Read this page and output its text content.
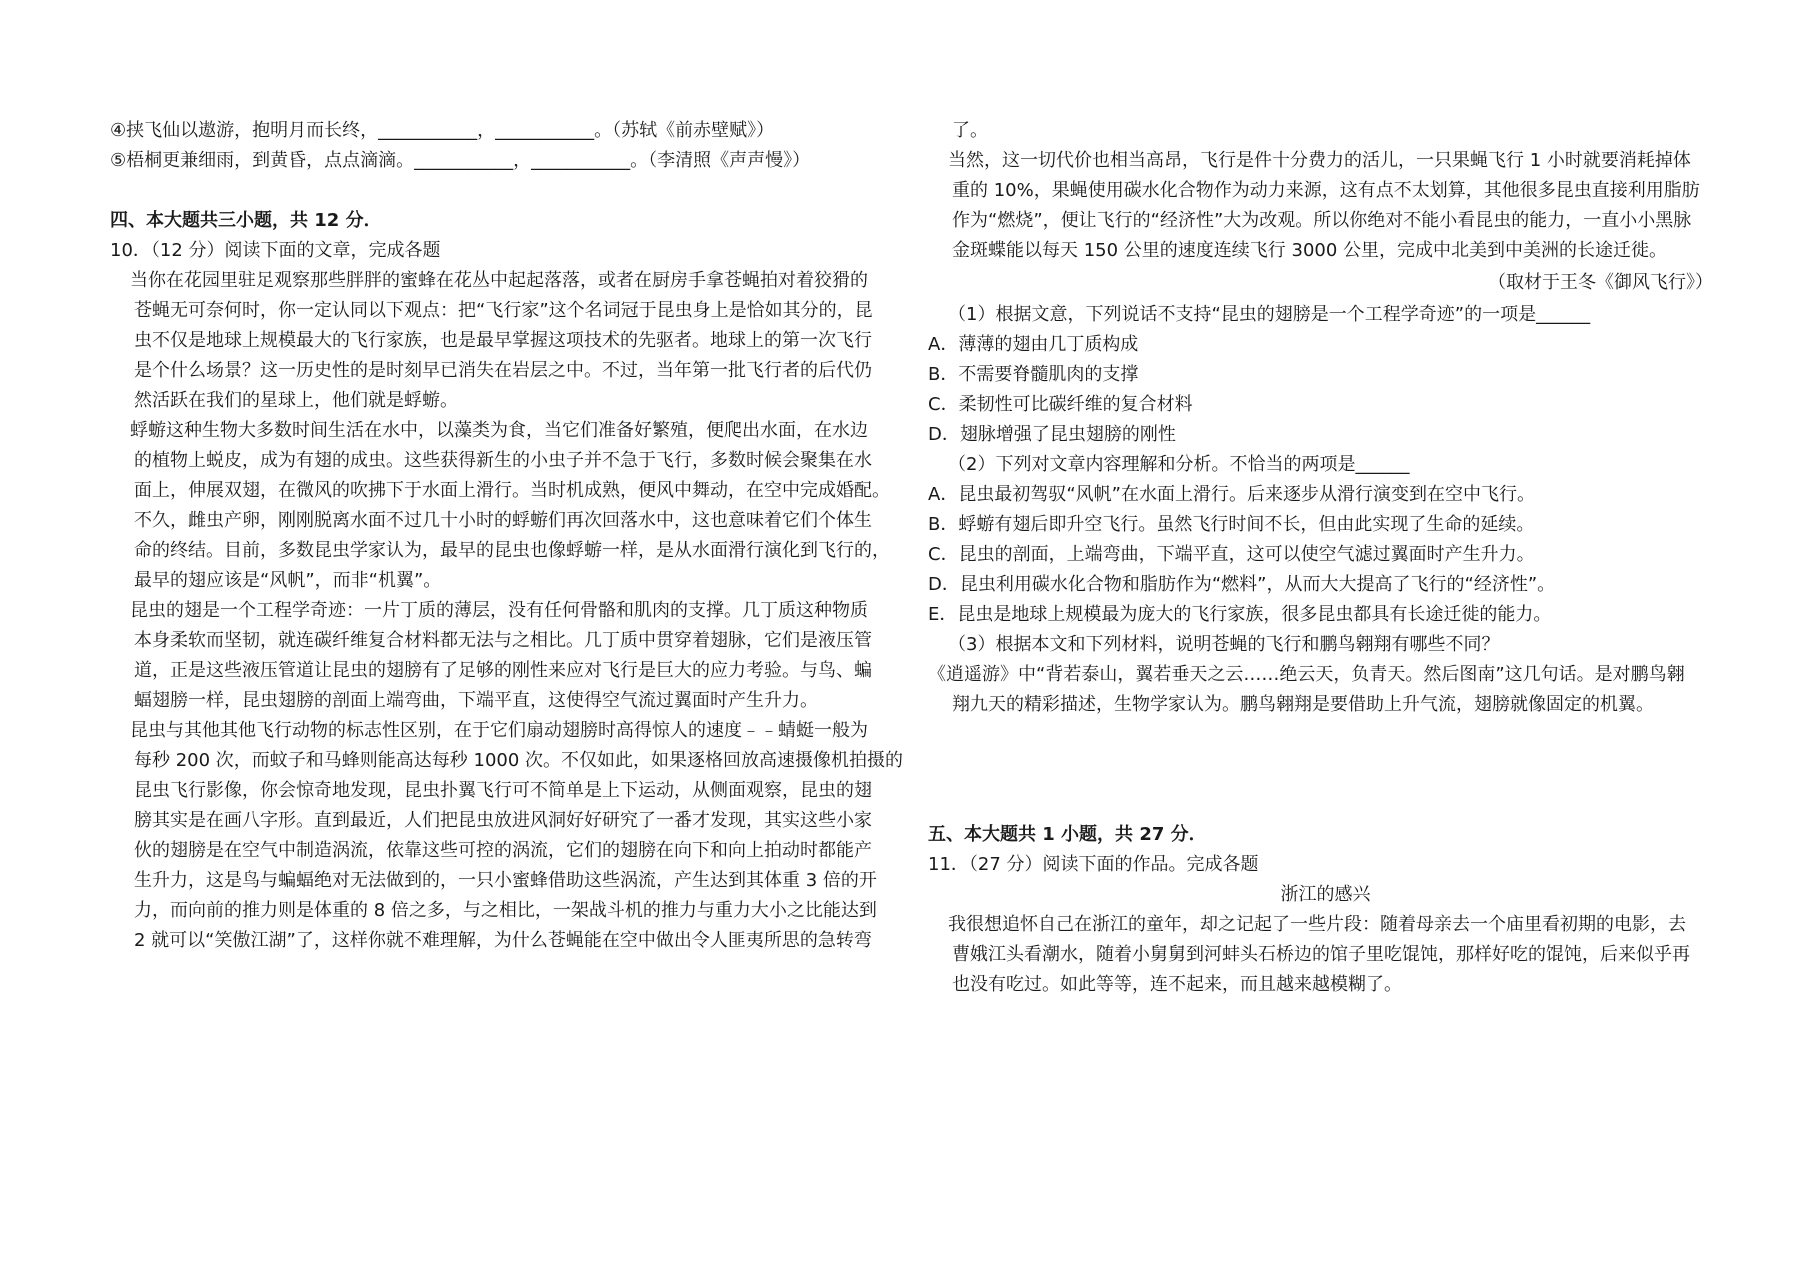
④挟飞仙以遨游，抱明月而长终，___________，___________。（苏轼《前赤壁赋》）
⑤梧桐更兼细雨，到黄昏，点点滴滴。___________，___________。（李清照《声声慢》）
四、本大题共三小题，共 12 分．
10．（12 分）阅读下面的文章，完成各题
当你在花园里驻足观察那些胖胖的蜜蜂在花丛中起起落落，或者在厨房手拿苍蝇拍对着狡猾的
苍蝇无可奈何时，你一定认同以下观点：把“飞行家”这个名词冠于昆虫身上是恰如其分的，昆
虫不仅是地球上规模最大的飞行家族，也是最早掌握这项技术的先驱者。地球上的第一次飞行
是个什么场景？这一历史性的是时刻早已消失在岩层之中。不过，当年第一批飞行者的后代仍
然活跃在我们的星球上，他们就是蜉蝣。
蜉蝣这种生物大多数时间生活在水中，以藻类为食，当它们准备好繁殖，便爬出水面，在水边
的植物上蜕皮，成为有翅的成虫。这些获得新生的小虫子并不急于飞行，多数时候会聚集在水
面上，伸展双翅，在微风的吹拂下于水面上滑行。当时机成熟，便风中舞动，在空中完成婚配。
不久，雌虫产卵，刚刚脱离水面不过几十小时的蜉蝣们再次回落水中，这也意味着它们个体生
命的终结。目前，多数昆虫学家认为，最早的昆虫也像蜉蝣一样，是从水面滑行演化到飞行的，
最早的翅应该是“风帆”，而非“机翼”。
昆虫的翅是一个工程学奇迹：一片丁质的薄层，没有任何骨骼和肌肉的支撑。几丁质这种物质
本身柔软而坚韧，就连碳纤维复合材料都无法与之相比。几丁质中贯穿着翅脉，它们是液压管
道，正是这些液压管道让昆虫的翅膀有了足够的刚性来应对飞行是巨大的应力考验。与鸟、蝙
蝠翅膀一样，昆虫翅膀的剖面上端弯曲，下端平直，这使得空气流过翼面时产生升力。
昆虫与其他其他飞行动物的标志性区别，在于它们扇动翅膀时高得惊人的速度﹣﹣蜻蜓一般为
每秒 200 次，而蚊子和马蜂则能高达每秒 1000 次。不仅如此，如果逐格回放高速摄像机拍摄的
昆虫飞行影像，你会惊奇地发现，昆虫扑翼飞行可不简单是上下运动，从侧面观察，昆虫的翅
膀其实是在画八字形。直到最近，人们把昆虫放进风洞好好研究了一番才发现，其实这些小家
伙的翅膀是在空气中制造涡流，依靠这些可控的涡流，它们的翅膀在向下和向上拍动时都能产
生升力，这是鸟与蝙蝠绝对无法做到的，一只小蜜蜂借助这些涡流，产生达到其体重 3 倍的开
力，而向前的推力则是体重的 8 倍之多，与之相比，一架战斗机的推力与重力大小之比能达到
2 就可以“笑傲江湖”了，这样你就不难理解，为什么苍蝇能在空中做出令人匪夷所思的急转弯
了。
当然，这一切代价也相当高昂，飞行是件十分费力的活儿，一只果蝇飞行 1 小时就要消耗掉体
重的 10%，果蝇使用碳水化合物作为动力来源，这有点不太划算，其他很多昆虫直接利用脂肪
作为“燃烧”，便让飞行的“经济性”大为改观。所以你绝对不能小看昆虫的能力，一直小小黑脉
金斑蝶能以每天 150 公里的速度连续飞行 3000 公里，完成中北美到中美洲的长途迁徙。
（取材于王冬《御风飞行》）
（1）根据文意，下列说话不支持“昆虫的翅膀是一个工程学奇迹”的一项是______
A．薄薄的翅由几丁质构成
B．不需要脊髓肌肉的支撑
C．柔韧性可比碳纤维的复合材料
D．翅脉增强了昆虫翅膀的刚性
（2）下列对文章内容理解和分析。不恰当的两项是______
A．昆虫最初驾驭“风帆”在水面上滑行。后来逐步从滑行演变到在空中飞行。
B．蜉蝣有翅后即升空飞行。虽然飞行时间不长，但由此实现了生命的延续。
C．昆虫的剖面，上端弯曲，下端平直，这可以使空气滤过翼面时产生升力。
D．昆虫利用碳水化合物和脂肪作为“燃料”，从而大大提高了飞行的“经济性”。
E．昆虫是地球上规模最为庞大的飞行家族，很多昆虫都具有长途迁徙的能力。
（3）根据本文和下列材料，说明苍蝇的飞行和鹏鸟翱翔有哪些不同？
《逍遥游》中“背若泰山，翼若垂天之云……绝云天，负青天。然后图南”这几句话。是对鹏鸟翱
翔九天的精彩描述，生物学家认为。鹏鸟翱翔是要借助上升气流，翅膀就像固定的机翼。
五、本大题共 1 小题，共 27 分．
11．（27 分）阅读下面的作品。完成各题
浙江的感兴
我很想追怀自己在浙江的童年，却之记起了一些片段：随着母亲去一个庙里看初期的电影，去
曹娥江头看潮水，随着小舅舅到河蚌头石桥边的馆子里吃馄饨，那样好吃的馄饨，后来似乎再
也没有吃过。如此等等，连不起来，而且越来越模糊了。
